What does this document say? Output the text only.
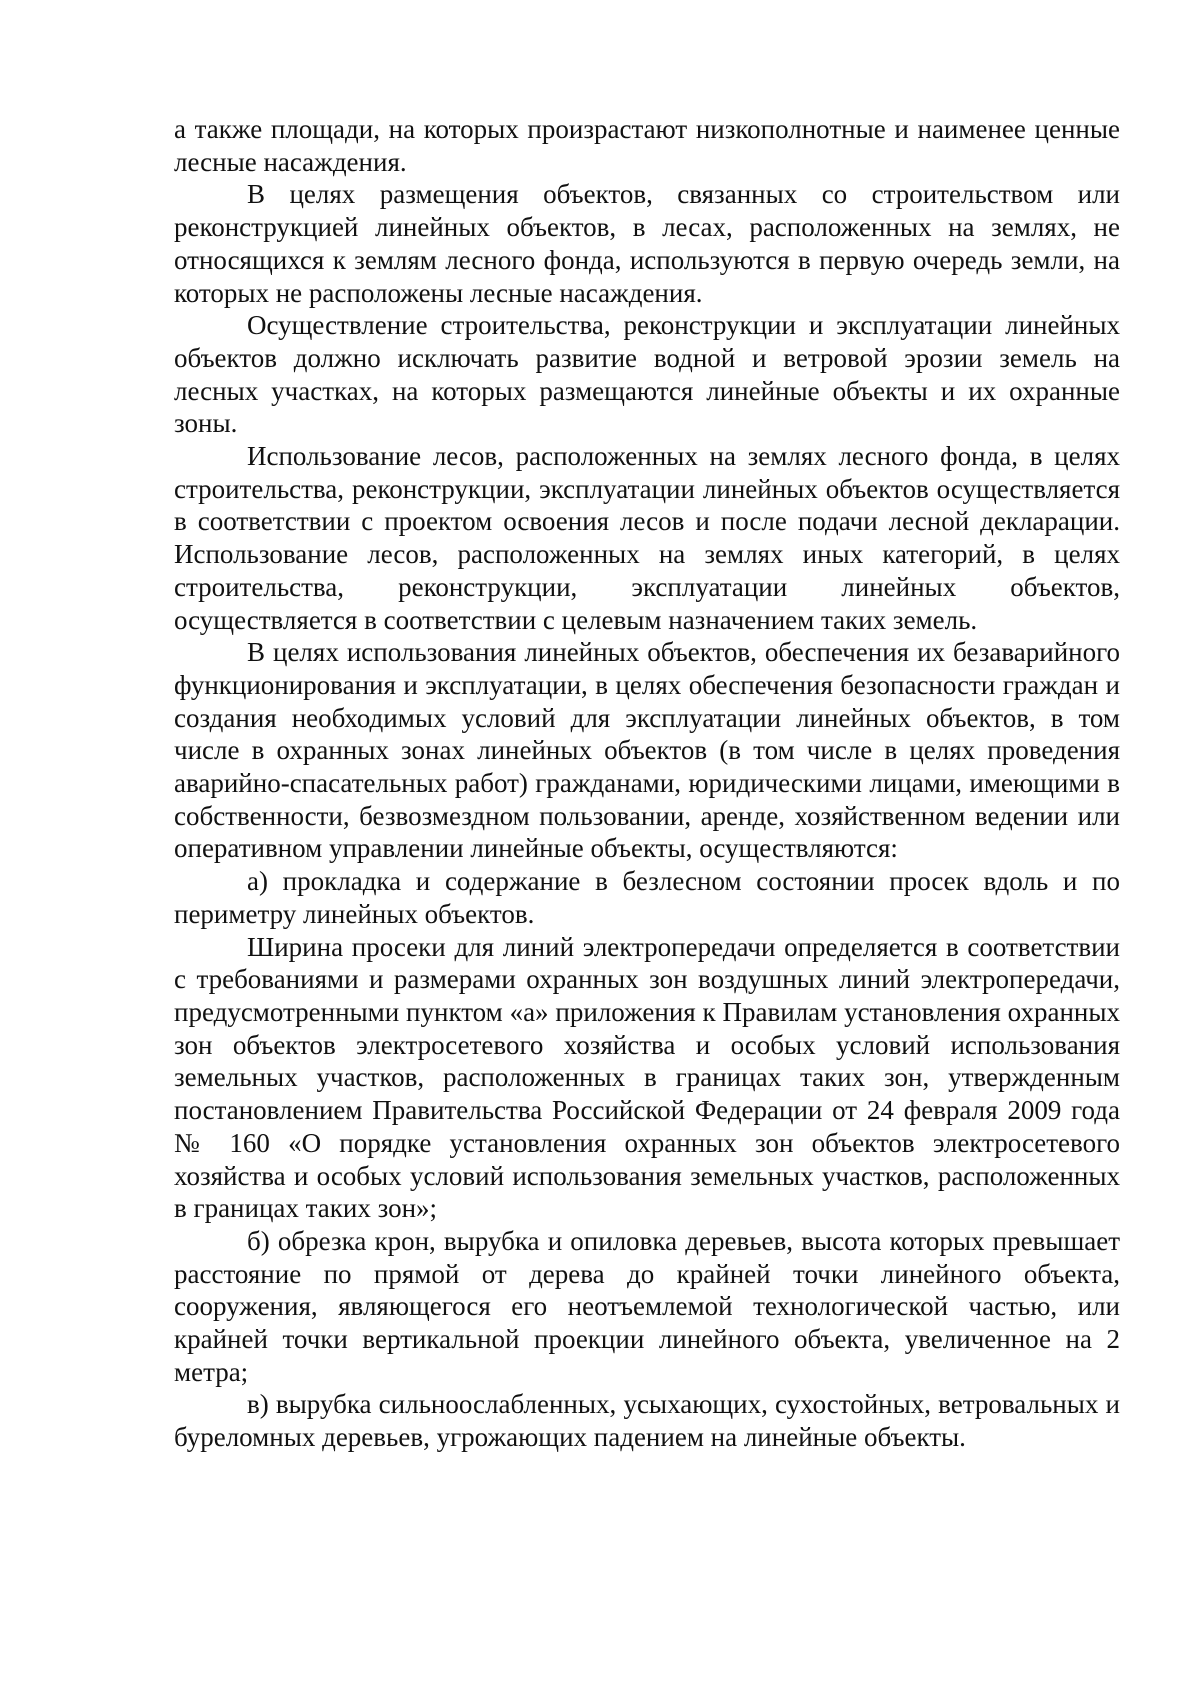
а также площади, на которых произрастают низкополнотные и наименее ценные лесные насаждения.

В целях размещения объектов, связанных со строительством или реконструкцией линейных объектов, в лесах, расположенных на землях, не относящихся к землям лесного фонда, используются в первую очередь земли, на которых не расположены лесные насаждения.

Осуществление строительства, реконструкции и эксплуатации линейных объектов должно исключать развитие водной и ветровой эрозии земель на лесных участках, на которых размещаются линейные объекты и их охранные зоны.

Использование лесов, расположенных на землях лесного фонда, в целях строительства, реконструкции, эксплуатации линейных объектов осуществляется в соответствии с проектом освоения лесов и после подачи лесной декларации. Использование лесов, расположенных на землях иных категорий, в целях строительства, реконструкции, эксплуатации линейных объектов, осуществляется в соответствии с целевым назначением таких земель.

В целях использования линейных объектов, обеспечения их безаварийного функционирования и эксплуатации, в целях обеспечения безопасности граждан и создания необходимых условий для эксплуатации линейных объектов, в том числе в охранных зонах линейных объектов (в том числе в целях проведения аварийно-спасательных работ) гражданами, юридическими лицами, имеющими в собственности, безвозмездном пользовании, аренде, хозяйственном ведении или оперативном управлении линейные объекты, осуществляются:

а) прокладка и содержание в безлесном состоянии просек вдоль и по периметру линейных объектов.

Ширина просеки для линий электропередачи определяется в соответствии с требованиями и размерами охранных зон воздушных линий электропередачи, предусмотренными пунктом «а» приложения к Правилам установления охранных зон объектов электросетевого хозяйства и особых условий использования земельных участков, расположенных в границах таких зон, утвержденным постановлением Правительства Российской Федерации от 24 февраля 2009 года № 160 «О порядке установления охранных зон объектов электросетевого хозяйства и особых условий использования земельных участков, расположенных в границах таких зон»;

б) обрезка крон, вырубка и опиловка деревьев, высота которых превышает расстояние по прямой от дерева до крайней точки линейного объекта, сооружения, являющегося его неотъемлемой технологической частью, или крайней точки вертикальной проекции линейного объекта, увеличенное на 2 метра;

в) вырубка сильноослабленных, усыхающих, сухостойных, ветровальных и буреломных деревьев, угрожающих падением на линейные объекты.
